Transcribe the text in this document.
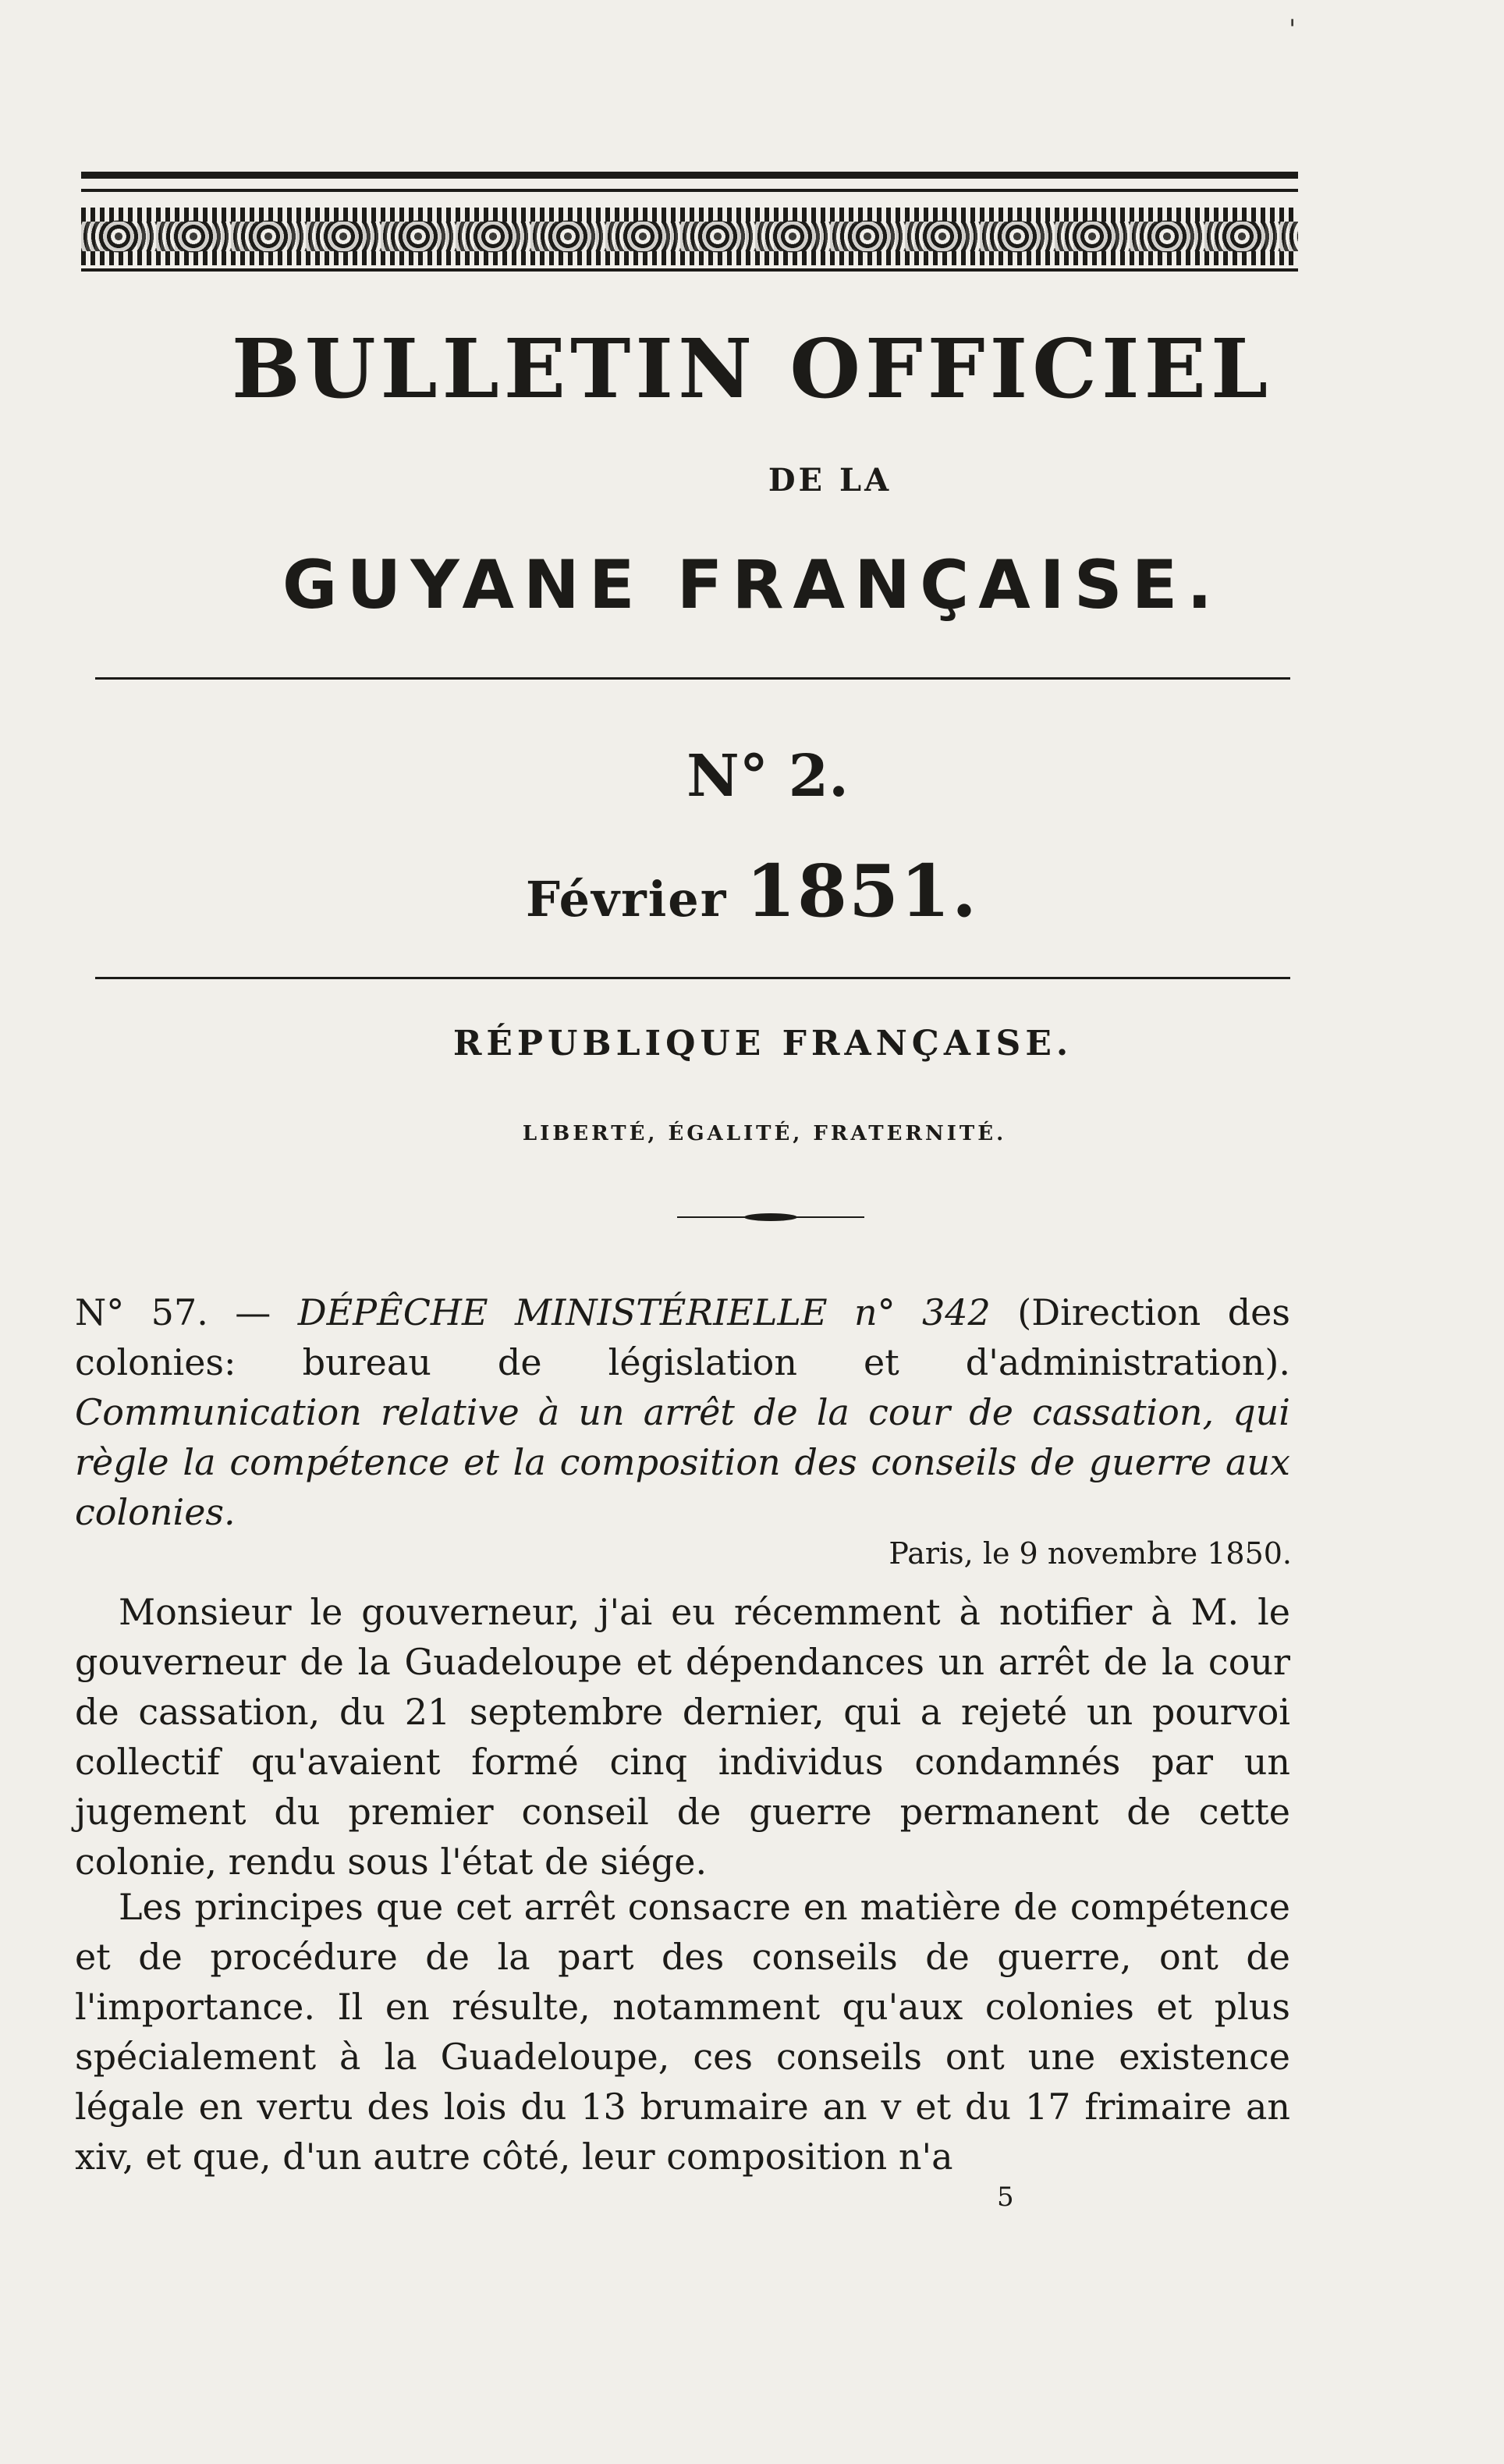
'
BULLETIN OFFICIEL
DE LA
GUYANE FRANÇAISE.
N° 2.
Février 1851.
RÉPUBLIQUE FRANÇAISE.
LIBERTÉ, ÉGALITÉ, FRATERNITÉ.
N° 57. — DÉPÊCHE MINISTÉRIELLE n° 342 (Direction des colonies: bureau de législation et d'administration). Communication relative à un arrêt de la cour de cassation, qui règle la compétence et la composition des conseils de guerre aux colonies.
Paris, le 9 novembre 1850.
Monsieur le gouverneur, j'ai eu récemment à notifier à M. le gouverneur de la Guadeloupe et dépendances un arrêt de la cour de cassation, du 21 septembre dernier, qui a rejeté un pourvoi collectif qu'avaient formé cinq individus condamnés par un jugement du premier conseil de guerre permanent de cette colonie, rendu sous l'état de siége.
Les principes que cet arrêt consacre en matière de compétence et de procédure de la part des conseils de guerre, ont de l'importance. Il en résulte, notamment qu'aux colonies et plus spécialement à la Guadeloupe, ces conseils ont une existence légale en vertu des lois du 13 brumaire an v et du 17 frimaire an xiv, et que, d'un autre côté, leur composition n'a
5
